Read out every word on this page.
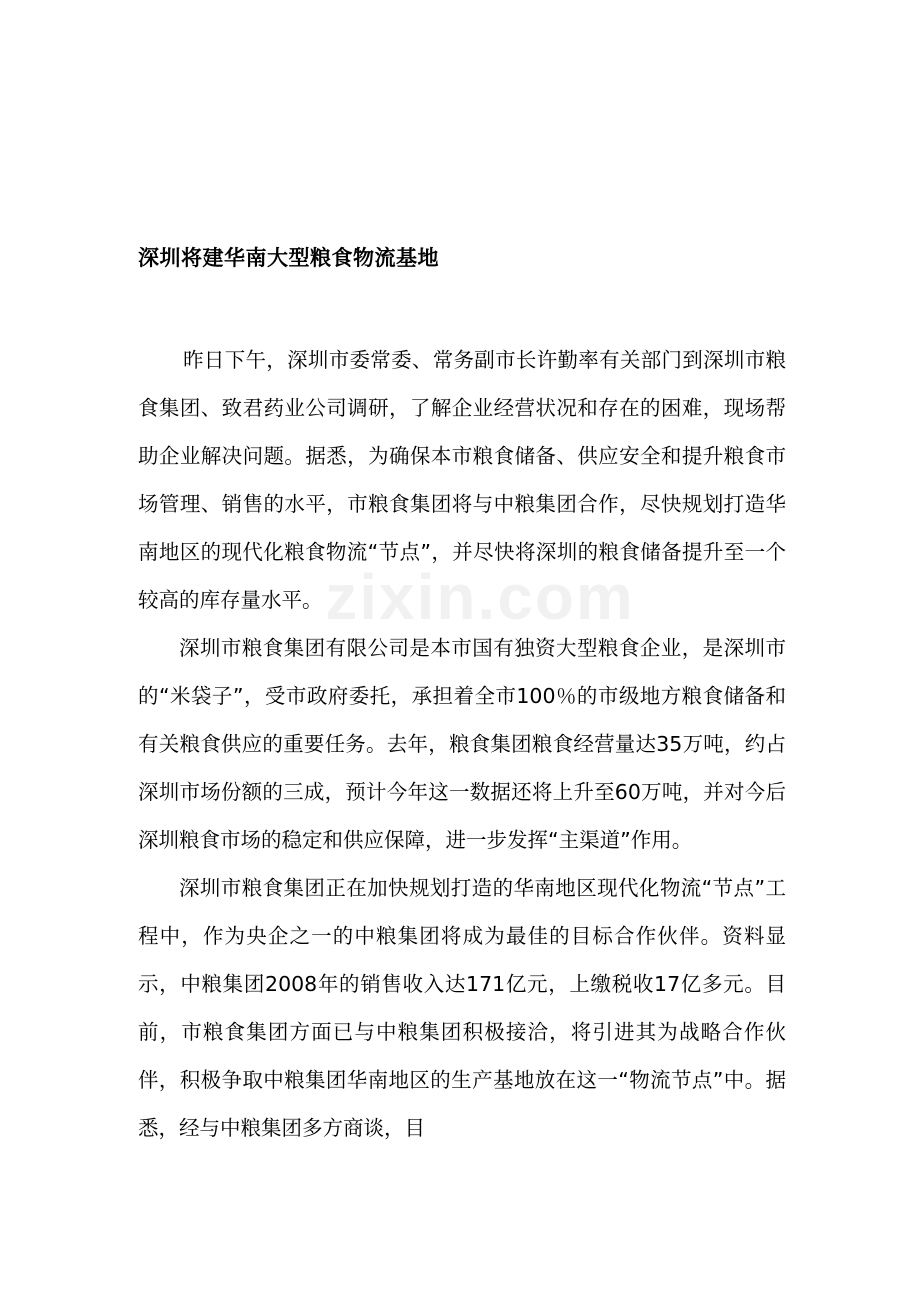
zixin.com
深圳将建华南大型粮食物流基地

昨日下午，深圳市委常委、常务副市长许勤率有关部门到深圳市粮食集团、致君药业公司调研，了解企业经营状况和存在的困难，现场帮助企业解决问题。据悉，为确保本市粮食储备、供应安全和提升粮食市场管理、销售的水平，市粮食集团将与中粮集团合作，尽快规划打造华南地区的现代化粮食物流“节点”，并尽快将深圳的粮食储备提升至一个较高的库存量水平。

深圳市粮食集团有限公司是本市国有独资大型粮食企业，是深圳市的“米袋子”，受市政府委托，承担着全市100％的市级地方粮食储备和有关粮食供应的重要任务。去年，粮食集团粮食经营量达35万吨，约占深圳市场份额的三成，预计今年这一数据还将上升至60万吨，并对今后深圳粮食市场的稳定和供应保障，进一步发挥“主渠道”作用。

深圳市粮食集团正在加快规划打造的华南地区现代化物流“节点”工程中，作为央企之一的中粮集团将成为最佳的目标合作伙伴。资料显示，中粮集团2008年的销售收入达171亿元，上缴税收17亿多元。目前，市粮食集团方面已与中粮集团积极接洽，将引进其为战略合作伙伴，积极争取中粮集团华南地区的生产基地放在这一“物流节点”中。据悉，经与中粮集团多方商谈，目
